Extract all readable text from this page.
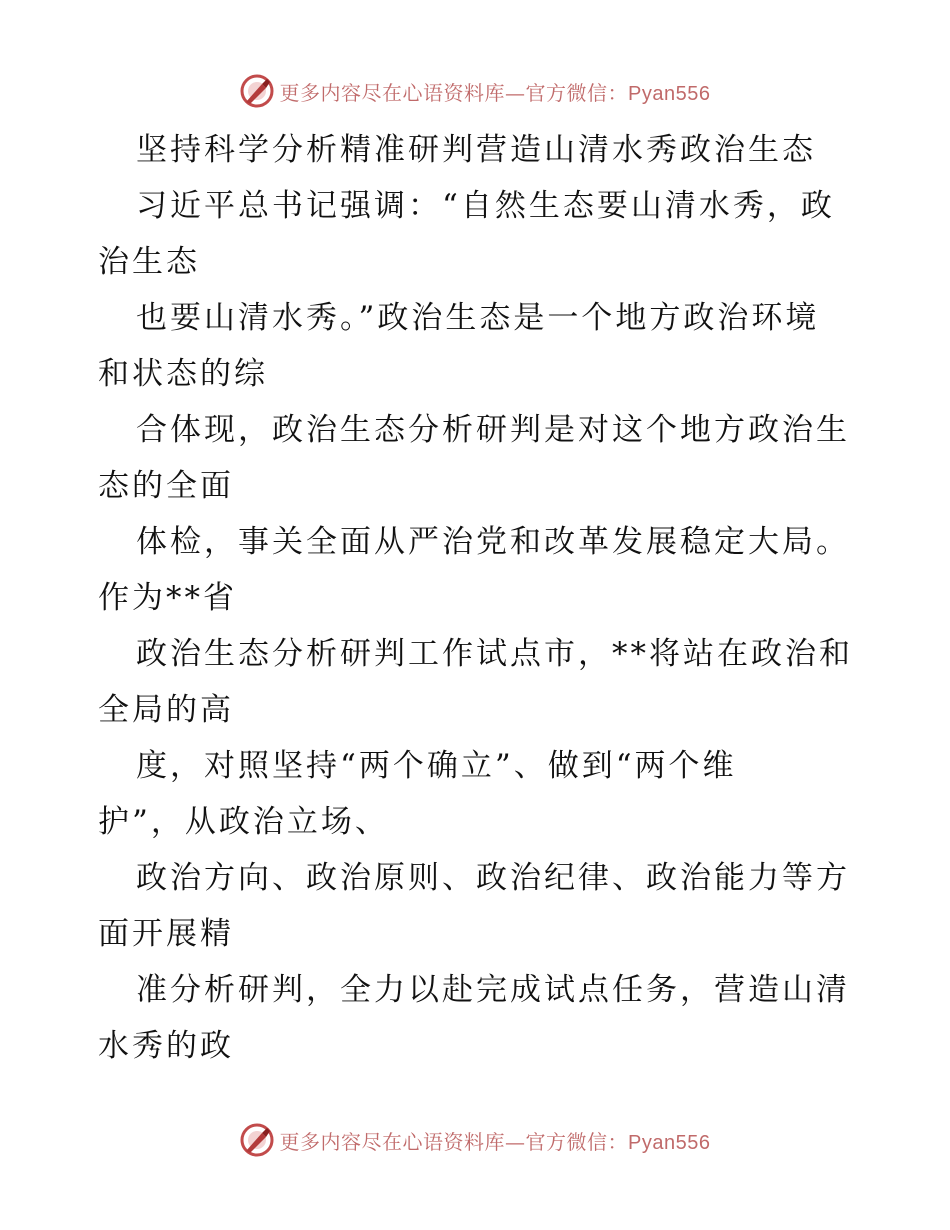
更多内容尽在心语资料库—官方微信：Pyan556
坚持科学分析精准研判营造山清水秀政治生态
习近平总书记强调：“自然生态要山清水秀，政
治生态
也要山清水秀。”政治生态是一个地方政治环境
和状态的综
合体现，政治生态分析研判是对这个地方政治生
态的全面
体检，事关全面从严治党和改革发展稳定大局。
作为**省
政治生态分析研判工作试点市，**将站在政治和
全局的高
度，对照坚持“两个确立”、做到“两个维
护”，从政治立场、
政治方向、政治原则、政治纪律、政治能力等方
面开展精
准分析研判，全力以赴完成试点任务，营造山清
水秀的政
更多内容尽在心语资料库—官方微信：Pyan556
